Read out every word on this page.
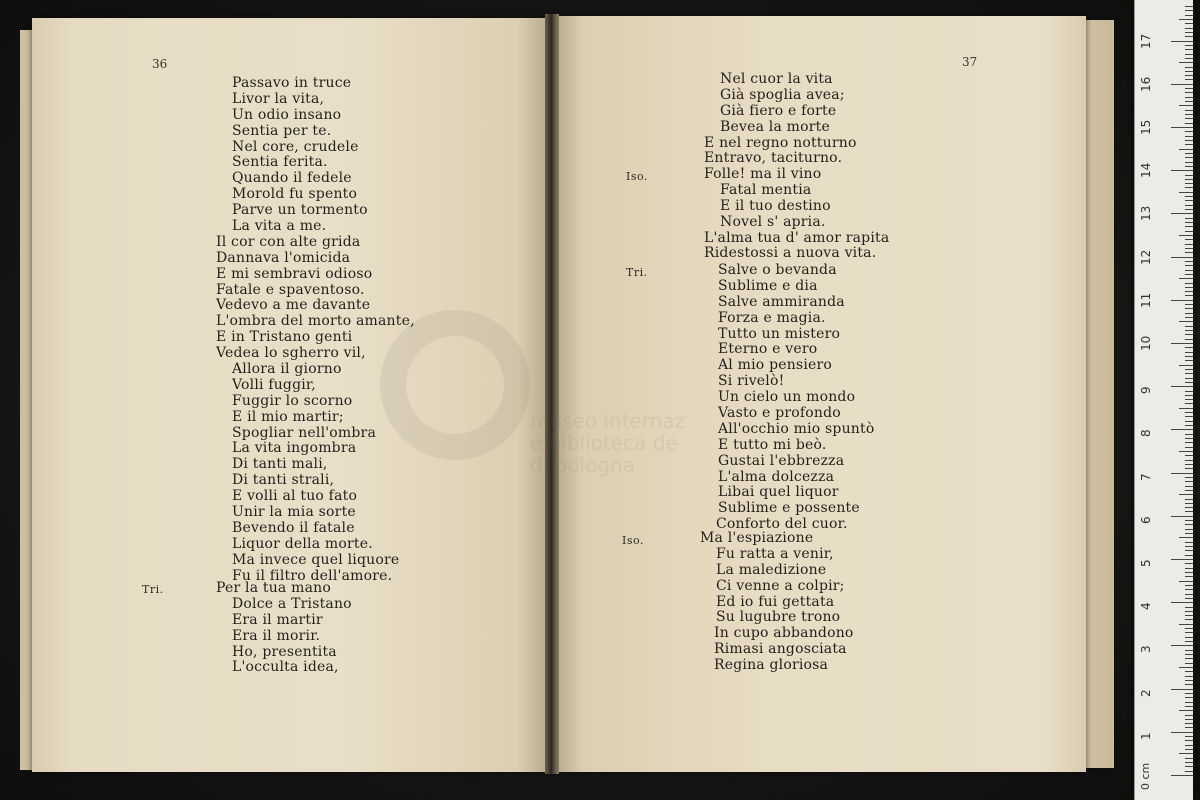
36
Passavo in truce
Livor la vita,
Un odio insano
Sentia per te.
Nel core, crudele
Sentia ferita.
Quando il fedele
Morold fu spento
Parve un tormento
La vita a me.
Il cor con alte grida
Dannava l'omicida
E mi sembravi odioso
Fatale e spaventoso.
Vedevo a me davante
L'ombra del morto amante,
E in Tristano genti
Vedea lo sgherro vil,
Allora il giorno
Volli fuggir,
Fuggir lo scorno
E il mio martir;
Spogliar nell'ombra
La vita ingombra
Di tanti mali,
Di tanti strali,
E volli al tuo fato
Unir la mia sorte
Bevendo il fatale
Liquor della morte.
Ma invece quel liquore
Fu il filtro dell'amore.
Tri.	Per la tua mano
Dolce a Tristano
Era il martir
Era il morir.
Ho, presentita
L'occulta idea,
37
Nel cuor la vita
Già spoglia avea;
Già fiero e forte
Bevea la morte
E nel regno notturno
Entravo, taciturno.
Iso.	Folle! ma il vino
Fatal mentia
E il tuo destino
Novel s' apria.
L'alma tua d' amor rapita
Ridestossi a nuova vita.
Tri.	Salve o bevanda
Sublime e dia
Salve ammiranda
Forza e magia.
Tutto un mistero
Eterno e vero
Al mio pensiero
Si rivelò!
Un cielo un mondo
Vasto e profondo
All'occhio mio spuntò
E tutto mi beò.
Gustai l'ebbrezza
L'alma dolcezza
Libai quel liquor
Sublime e possente
Conforto del cuor.
Iso.	Ma l'espiazione
Fu ratta a venir,
La maledizione
Ci venne a colpir;
Ed io fui gettata
Su lugubre trono
In cupo abbandono
Rimasi angosciata
Regina gloriosa
0 cm
1
2
3
4
5
6
7
8
9
10
11
12
13
14
15
16
17
